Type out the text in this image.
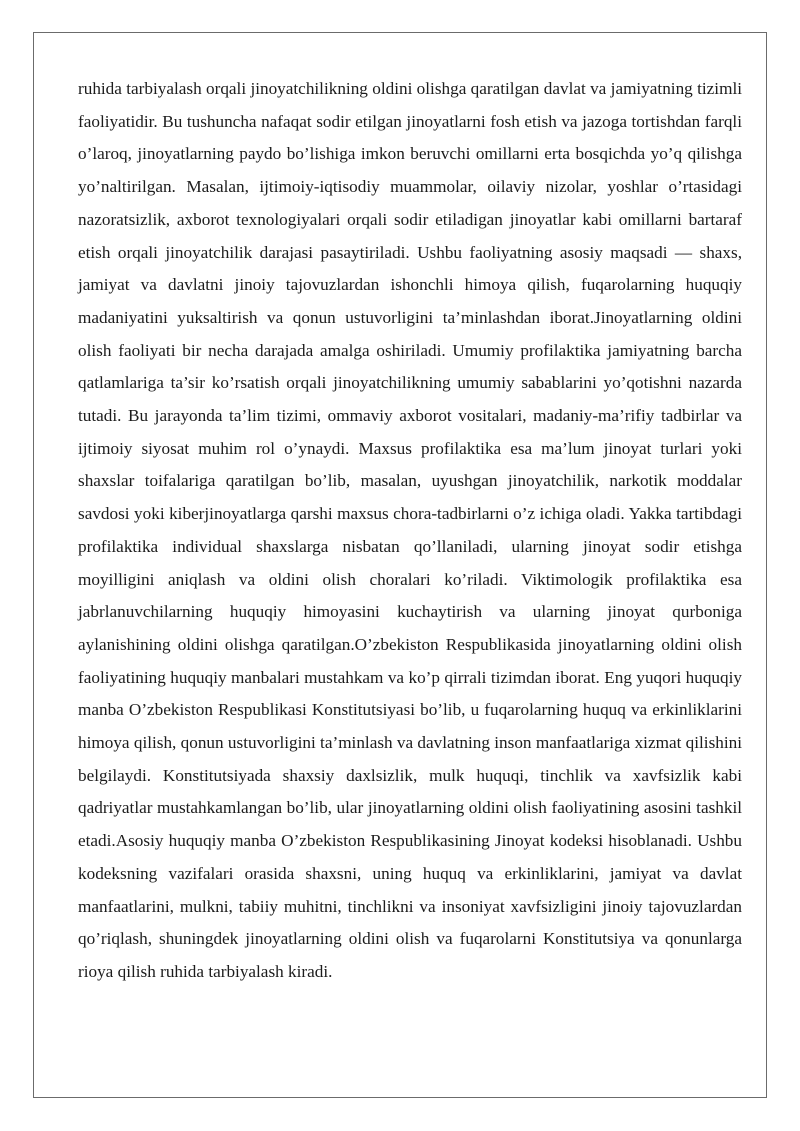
ruhida tarbiyalash orqali jinoyatchilikning oldini olishga qaratilgan davlat va jamiyatning tizimli faoliyatidir. Bu tushuncha nafaqat sodir etilgan jinoyatlarni fosh etish va jazoga tortishdan farqli o’laroq, jinoyatlarning paydo bo’lishiga imkon beruvchi omillarni erta bosqichda yo’q qilishga yo’naltirilgan. Masalan, ijtimoiy-iqtisodiy muammolar, oilaviy nizolar, yoshlar o’rtasidagi nazoratsizlik, axborot texnologiyalari orqali sodir etiladigan jinoyatlar kabi omillarni bartaraf etish orqali jinoyatchilik darajasi pasaytiriladi. Ushbu faoliyatning asosiy maqsadi — shaxs, jamiyat va davlatni jinoiy tajovuzlardan ishonchli himoya qilish, fuqarolarning huquqiy madaniyatini yuksaltirish va qonun ustuvorligini ta’minlashdan iborat.Jinoyatlarning oldini olish faoliyati bir necha darajada amalga oshiriladi. Umumiy profilaktika jamiyatning barcha qatlamlariga ta’sir ko’rsatish orqali jinoyatchilikning umumiy sabablarini yo’qotishni nazarda tutadi. Bu jarayonda ta’lim tizimi, ommaviy axborot vositalari, madaniy-ma’rifiy tadbirlar va ijtimoiy siyosat muhim rol o’ynaydi. Maxsus profilaktika esa ma’lum jinoyat turlari yoki shaxslar toifalariga qaratilgan bo’lib, masalan, uyushgan jinoyatchilik, narkotik moddalar savdosi yoki kiberjinoyatlarga qarshi maxsus chora-tadbirlarni o’z ichiga oladi. Yakka tartibdagi profilaktika individual shaxslarga nisbatan qo’llaniladi, ularning jinoyat sodir etishga moyilligini aniqlash va oldini olish choralari ko’riladi. Viktimologik profilaktika esa jabrlanuvchilarning huquqiy himoyasini kuchaytirish va ularning jinoyat qurboniga aylanishining oldini olishga qaratilgan.O’zbekiston Respublikasida jinoyatlarning oldini olish faoliyatining huquqiy manbalari mustahkam va ko’p qirrali tizimdan iborat. Eng yuqori huquqiy manba O’zbekiston Respublikasi Konstitutsiyasi bo’lib, u fuqarolarning huquq va erkinliklarini himoya qilish, qonun ustuvorligini ta’minlash va davlatning inson manfaatlariga xizmat qilishini belgilaydi. Konstitutsiyada shaxsiy daxlsizlik, mulk huquqi, tinchlik va xavfsizlik kabi qadriyatlar mustahkamlangan bo’lib, ular jinoyatlarning oldini olish faoliyatining asosini tashkil etadi.Asosiy huquqiy manba O’zbekiston Respublikasining Jinoyat kodeksi hisoblanadi. Ushbu kodeksning vazifalari orasida shaxsni, uning huquq va erkinliklarini, jamiyat va davlat manfaatlarini, mulkni, tabiiy muhitni, tinchlikni va insoniyat xavfsizligini jinoiy tajovuzlardan qo’riqlash, shuningdek jinoyatlarning oldini olish va fuqarolarni Konstitutsiya va qonunlarga rioya qilish ruhida tarbiyalash kiradi.
